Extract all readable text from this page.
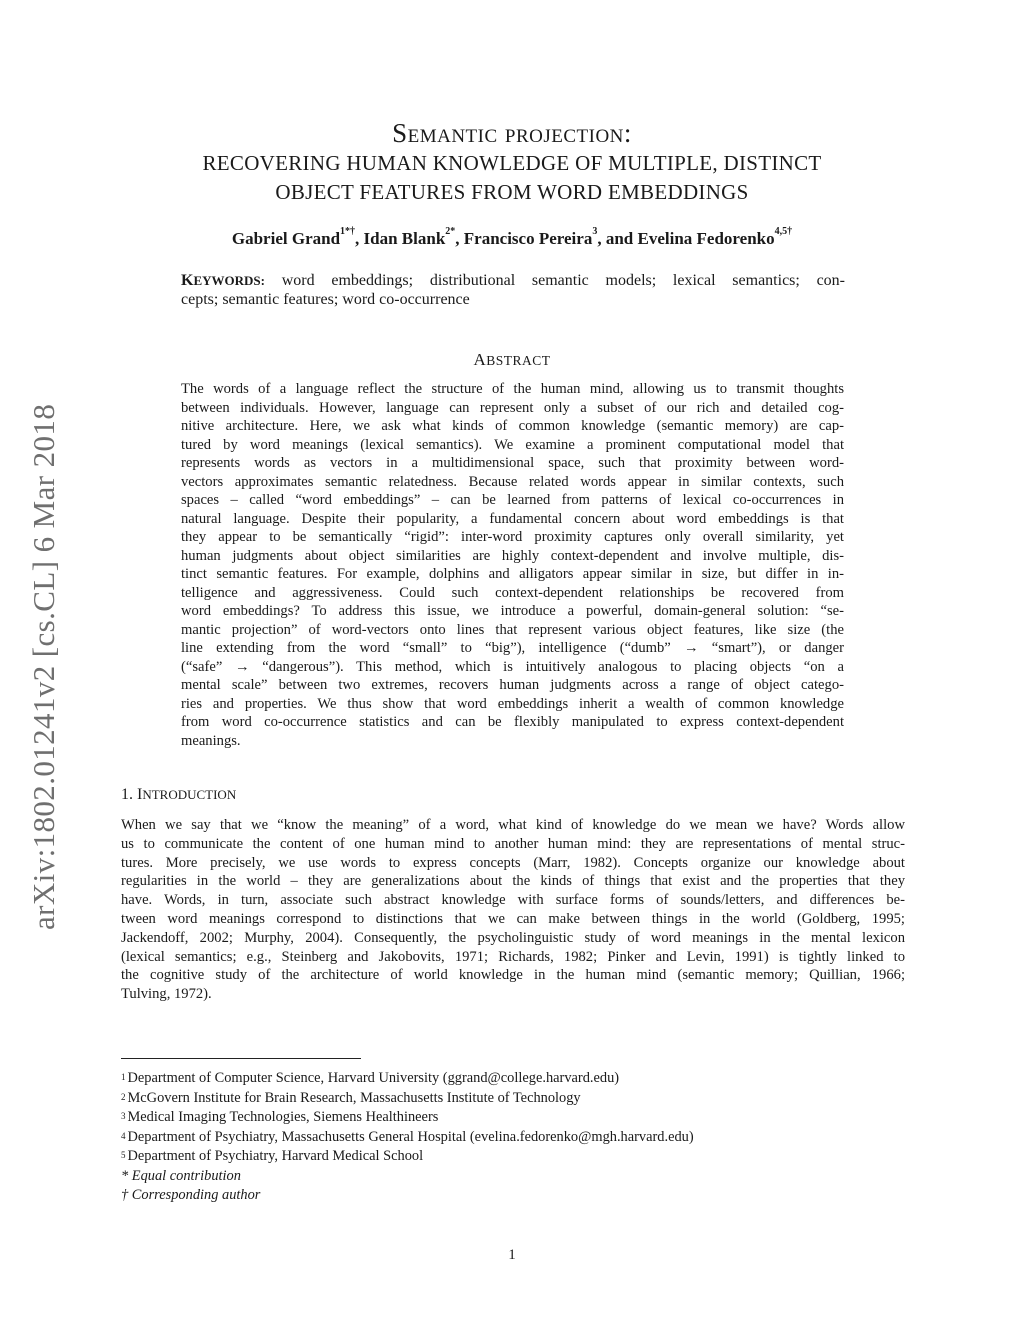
arXiv:1802.01241v2 [cs.CL] 6 Mar 2018
Semantic projection:
RECOVERING HUMAN KNOWLEDGE OF MULTIPLE, DISTINCT
OBJECT FEATURES FROM WORD EMBEDDINGS
Gabriel Grand$^{1*\dagger}$, Idan Blank$^{2*}$, Francisco Pereira$^3$, and Evelina Fedorenko$^{4,5\dagger}$
KEYWORDS: word embeddings; distributional semantic models; lexical semantics; con-
cepts; semantic features; word co-occurrence
ABSTRACT
The words of a language reflect the structure of the human mind, allowing us to transmit thoughts
between individuals. However, language can represent only a subset of our rich and detailed cog-
nitive architecture. Here, we ask what kinds of common knowledge (semantic memory) are cap-
tured by word meanings (lexical semantics). We examine a prominent computational model that
represents words as vectors in a multidimensional space, such that proximity between word-
vectors approximates semantic relatedness. Because related words appear in similar contexts, such
spaces – called “word embeddings” – can be learned from patterns of lexical co-occurrences in
natural language. Despite their popularity, a fundamental concern about word embeddings is that
they appear to be semantically “rigid”: inter-word proximity captures only overall similarity, yet
human judgments about object similarities are highly context-dependent and involve multiple, dis-
tinct semantic features. For example, dolphins and alligators appear similar in size, but differ in in-
telligence and aggressiveness. Could such context-dependent relationships be recovered from
word embeddings? To address this issue, we introduce a powerful, domain-general solution: “se-
mantic projection” of word-vectors onto lines that represent various object features, like size (the
line extending from the word “small” to “big”), intelligence (“dumb” → “smart”), or danger
(“safe” → “dangerous”). This method, which is intuitively analogous to placing objects “on a
mental scale” between two extremes, recovers human judgments across a range of object catego-
ries and properties. We thus show that word embeddings inherit a wealth of common knowledge
from word co-occurrence statistics and can be flexibly manipulated to express context-dependent
meanings.
1. INTRODUCTION
When we say that we “know the meaning” of a word, what kind of knowledge do we mean we have? Words allow
us to communicate the content of one human mind to another human mind: they are representations of mental struc-
tures. More precisely, we use words to express concepts (Marr, 1982). Concepts organize our knowledge about
regularities in the world – they are generalizations about the kinds of things that exist and the properties that they
have. Words, in turn, associate such abstract knowledge with surface forms of sounds/letters, and differences be-
tween word meanings correspond to distinctions that we can make between things in the world (Goldberg, 1995;
Jackendoff, 2002; Murphy, 2004). Consequently, the psycholinguistic study of word meanings in the mental lexicon
(lexical semantics; e.g., Steinberg and Jakobovits, 1971; Richards, 1982; Pinker and Levin, 1991) is tightly linked to
the cognitive study of the architecture of world knowledge in the human mind (semantic memory; Quillian, 1966;
Tulving, 1972).
$^1$ Department of Computer Science, Harvard University (ggrand@college.harvard.edu)
$^2$ McGovern Institute for Brain Research, Massachusetts Institute of Technology
$^3$ Medical Imaging Technologies, Siemens Healthineers
$^4$ Department of Psychiatry, Massachusetts General Hospital (evelina.fedorenko@mgh.harvard.edu)
$^5$ Department of Psychiatry, Harvard Medical School
* Equal contribution
† Corresponding author
1
